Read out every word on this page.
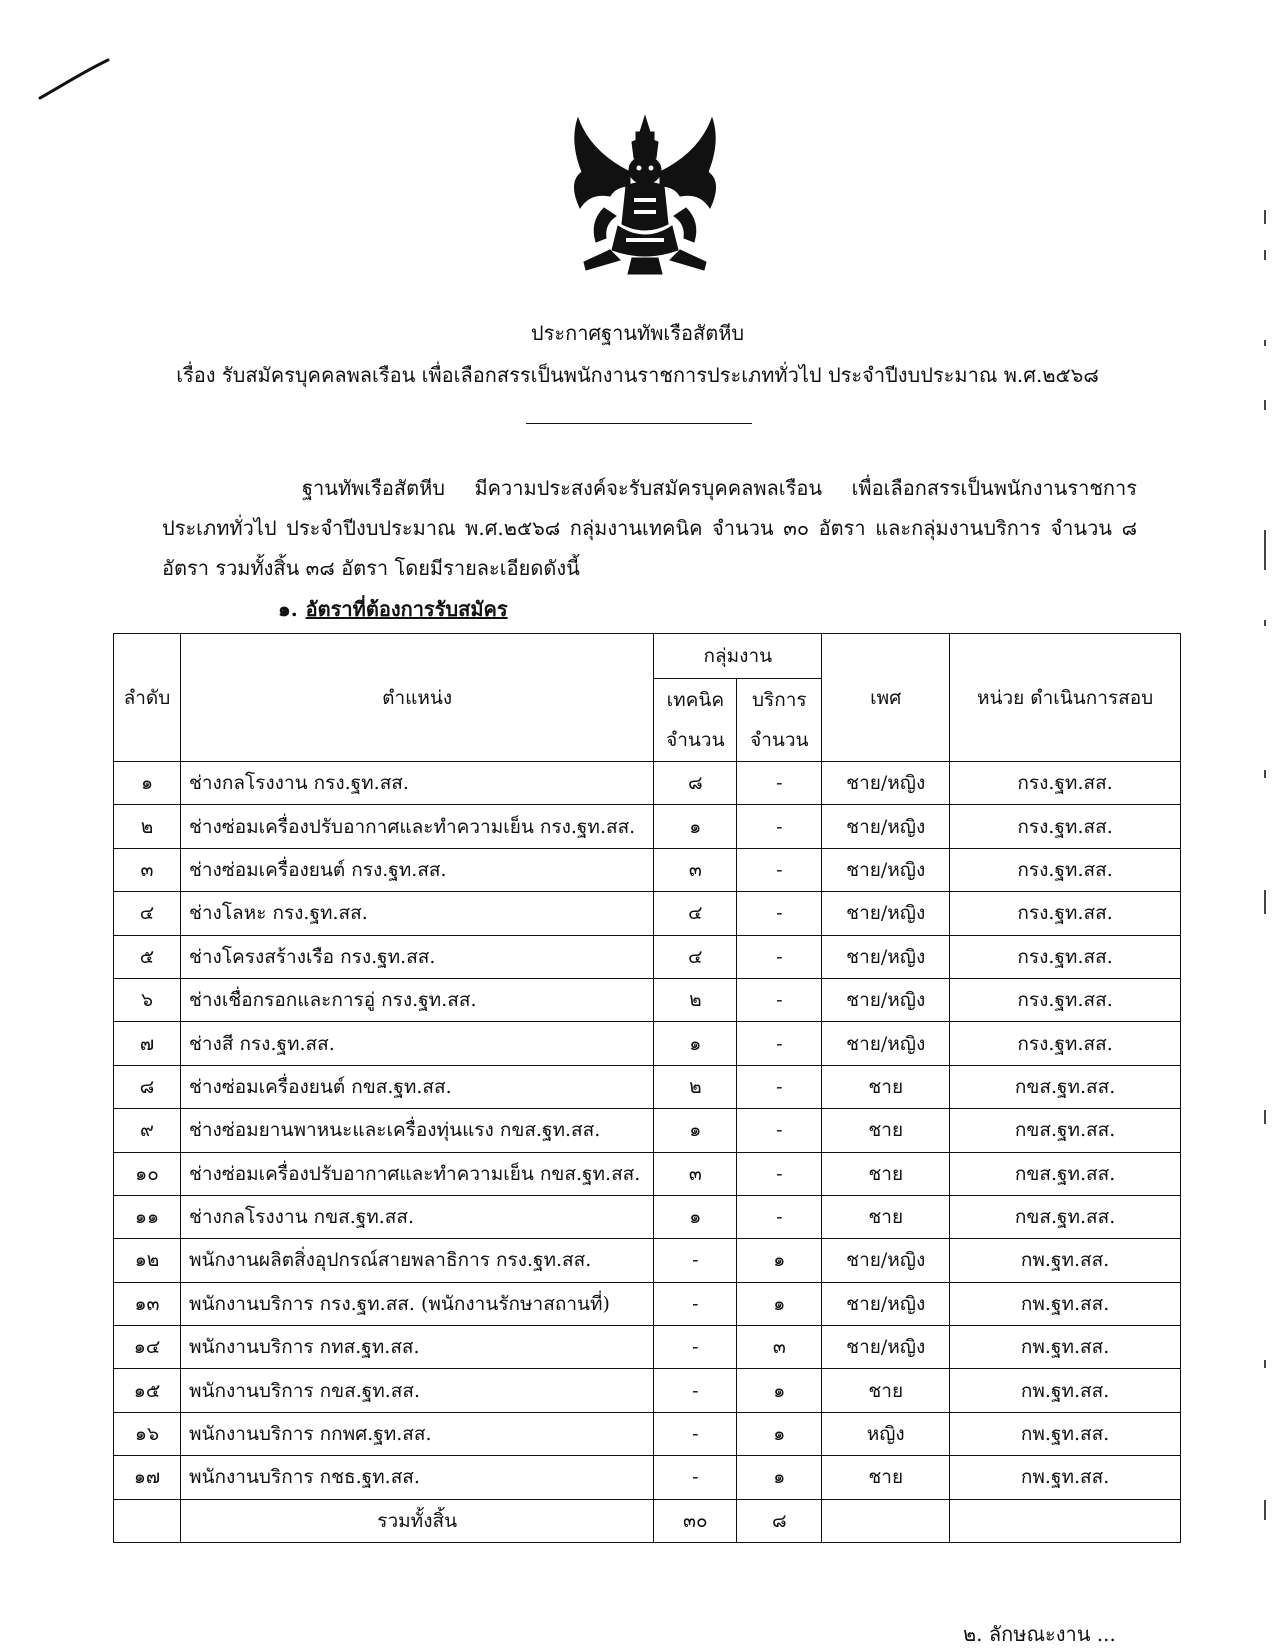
ประกาศฐานทัพเรือสัตหีบ

เรื่อง รับสมัครบุคคลพลเรือน เพื่อเลือกสรรเป็นพนักงานราชการประเภททั่วไป ประจำปีงบประมาณ พ.ศ.๒๕๖๘

ฐานทัพเรือสัตหีบ มีความประสงค์จะรับสมัครบุคคลพลเรือน เพื่อเลือกสรรเป็นพนักงานราชการประเภททั่วไป ประจำปีงบประมาณ พ.ศ.๒๕๖๘ กลุ่มงานเทคนิค จำนวน ๓๐ อัตรา และกลุ่มงานบริการ จำนวน ๘ อัตรา รวมทั้งสิ้น ๓๘ อัตรา โดยมีรายละเอียดดังนี้
๑. อัตราที่ต้องการรับสมัคร
ลำดับ	ตำแหน่ง	กลุ่มงาน		เพศ	หน่วย ดำเนินการสอบ
		เทคนิค จำนวน	บริการ จำนวน		
๑	ช่างกลโรงงาน กรง.ฐท.สส.	๘	-	ชาย/หญิง	กรง.ฐท.สส.
๒	ช่างซ่อมเครื่องปรับอากาศและทำความเย็น กรง.ฐท.สส.	๑	-	ชาย/หญิง	กรง.ฐท.สส.
๓	ช่างซ่อมเครื่องยนต์ กรง.ฐท.สส.	๓	-	ชาย/หญิง	กรง.ฐท.สส.
๔	ช่างโลหะ กรง.ฐท.สส.	๔	-	ชาย/หญิง	กรง.ฐท.สส.
๕	ช่างโครงสร้างเรือ กรง.ฐท.สส.	๔	-	ชาย/หญิง	กรง.ฐท.สส.
๖	ช่างเชื่อกรอกและการอู่ กรง.ฐท.สส.	๒	-	ชาย/หญิง	กรง.ฐท.สส.
๗	ช่างสี กรง.ฐท.สส.	๑	-	ชาย/หญิง	กรง.ฐท.สส.
๘	ช่างซ่อมเครื่องยนต์ กขส.ฐท.สส.	๒	-	ชาย	กขส.ฐท.สส.
๙	ช่างซ่อมยานพาหนะและเครื่องทุ่นแรง กขส.ฐท.สส.	๑	-	ชาย	กขส.ฐท.สส.
๑๐	ช่างซ่อมเครื่องปรับอากาศและทำความเย็น กขส.ฐท.สส.	๓	-	ชาย	กขส.ฐท.สส.
๑๑	ช่างกลโรงงาน กขส.ฐท.สส.	๑	-	ชาย	กขส.ฐท.สส.
๑๒	พนักงานผลิตสิ่งอุปกรณ์สายพลาธิการ กรง.ฐท.สส.	-	๑	ชาย/หญิง	กพ.ฐท.สส.
๑๓	พนักงานบริการ กรง.ฐท.สส. (พนักงานรักษาสถานที่)	-	๑	ชาย/หญิง	กพ.ฐท.สส.
๑๔	พนักงานบริการ กทส.ฐท.สส.	-	๓	ชาย/หญิง	กพ.ฐท.สส.
๑๕	พนักงานบริการ กขส.ฐท.สส.	-	๑	ชาย	กพ.ฐท.สส.
๑๖	พนักงานบริการ กกพศ.ฐท.สส.	-	๑	หญิง	กพ.ฐท.สส.
๑๗	พนักงานบริการ กชธ.ฐท.สส.	-	๑	ชาย	กพ.ฐท.สส.
	รวมทั้งสิ้น	๓๐	๘		
๒. ลักษณะงาน ...
